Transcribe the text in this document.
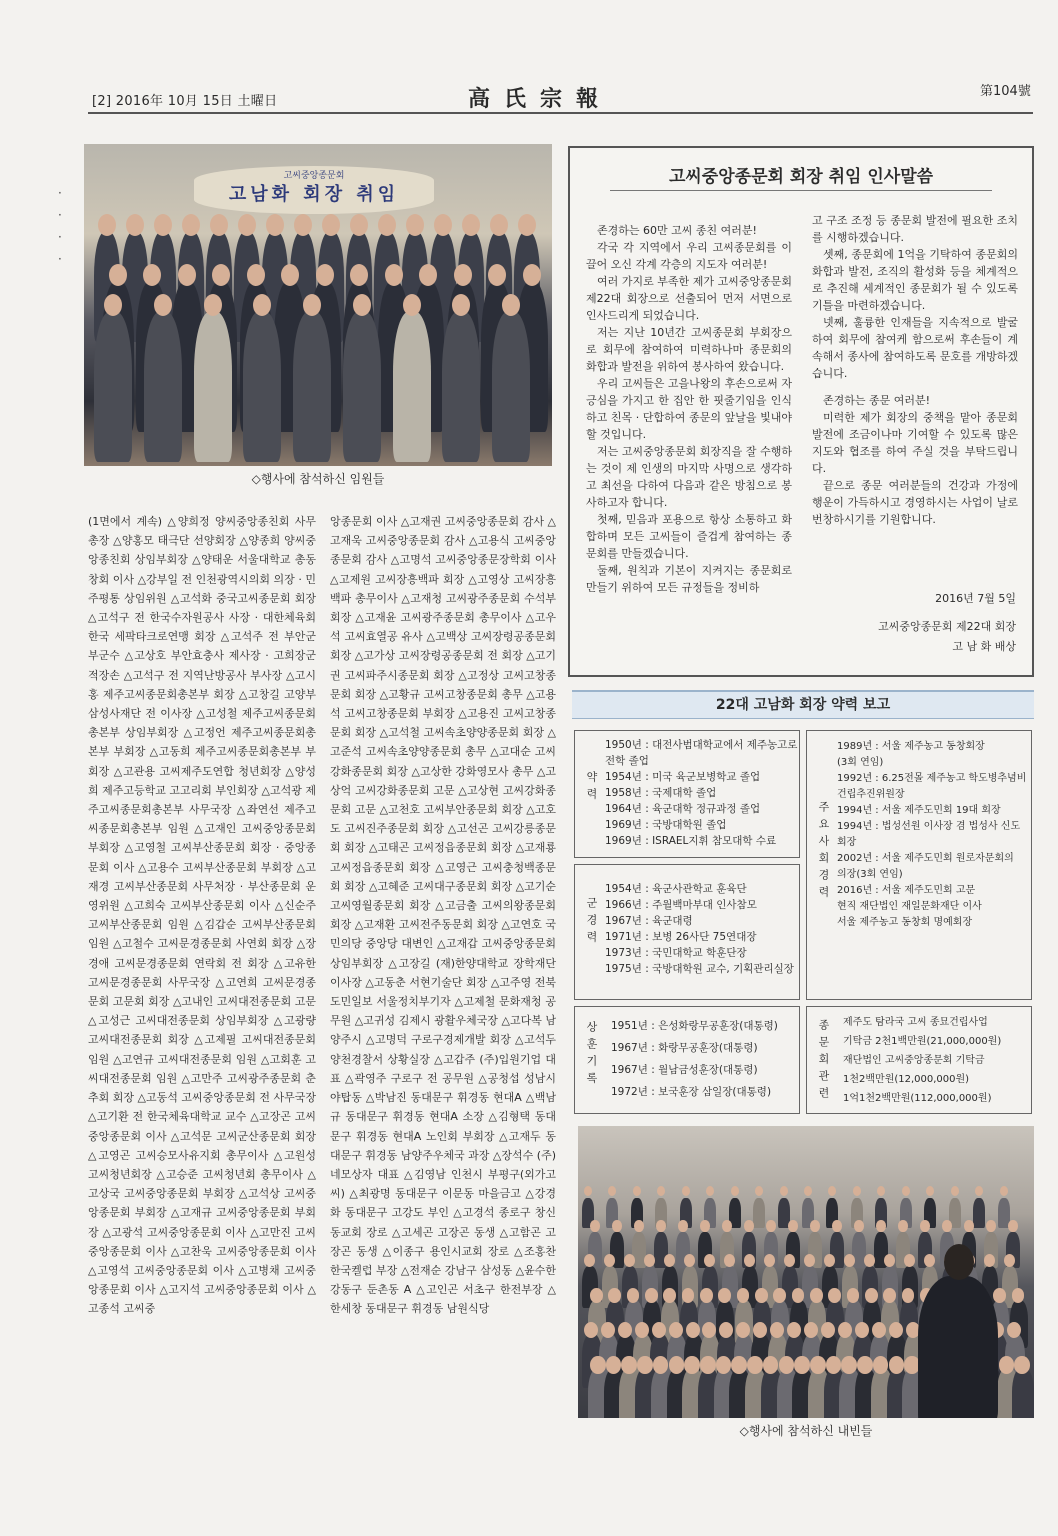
[2] 2016年 10月 15日 土曜日	高氏宗報	第104號
·
·
·
·
고씨중앙종문회
고남화 회장 취임
◇행사에 참석하신 임원들
고씨중앙종문회 회장 취임 인사말씀

존경하는 60만 고씨 종친 여러분!

각국 각 지역에서 우리 고씨종문회를 이끌어 오신 각계 각층의 지도자 여러분!

여러 가지로 부족한 제가 고씨중앙종문회 제22대 회장으로 선출되어 먼저 서면으로 인사드리게 되었습니다.

저는 지난 10년간 고씨종문회 부회장으로 회무에 참여하여 미력하나마 종문회의 화합과 발전을 위하여 봉사하여 왔습니다.

우리 고씨들은 고을나왕의 후손으로써 자긍심을 가지고 한 집안 한 핏줄기임을 인식하고 친목 · 단합하여 종문의 앞날을 빛내야 할 것입니다.

저는 고씨중앙종문회 회장직을 잘 수행하는 것이 제 인생의 마지막 사명으로 생각하고 최선을 다하여 다음과 같은 방침으로 봉사하고자 합니다.

첫째, 믿음과 포용으로 항상 소통하고 화합하며 모든 고씨들이 즐겁게 참여하는 종문회를 만들겠습니다.

둘째, 원칙과 기본이 지켜지는 종문회로 만들기 위하여 모든 규정들을 정비하

고 구조 조정 등 종문회 발전에 필요한 조치를 시행하겠습니다.

셋째, 종문회에 1억을 기탁하여 종문회의 화합과 발전, 조직의 활성화 등을 체계적으로 추진해 세계적인 종문회가 될 수 있도록 기틀을 마련하겠습니다.

넷째, 훌륭한 인재들을 지속적으로 발굴하여 회무에 참여케 함으로써 후손들이 계속해서 종사에 참여하도록 문호를 개방하겠습니다.

존경하는 종문 여러분!

미력한 제가 회장의 중책을 맡아 종문회 발전에 조금이나마 기여할 수 있도록 많은 지도와 협조를 하여 주실 것을 부탁드립니다.

끝으로 종문 여러분들의 건강과 가정에 행운이 가득하시고 경영하시는 사업이 날로 번창하시기를 기원합니다.

2016년 7월 5일
고씨중앙종문회 제22대 회장
고 남 화 배상
22대 고남화 회장 약력 보고
약력
1950년 : 대전사범대학교에서 제주농고로
전학 졸업
1954년 : 미국 육군보병학교 졸업
1958년 : 국제대학 졸업
1964년 : 육군대학 정규과정 졸업
1969년 : 국방대학원 졸업
1969년 : ISRAEL지휘 참모대학 수료
군경력
1954년 : 육군사관학교 훈육단
1966년 : 주월백마부대 인사참모
1967년 : 육군대령
1971년 : 보병 26사단 75연대장
1973년 : 국민대학교 학훈단장
1975년 : 국방대학원 교수, 기획관리실장
상훈기록 1951년 : 은성화랑무공훈장(대통령)
1967년 : 화랑무공훈장(대통령)
1967년 : 월남금성훈장(대통령)
1972년 : 보국훈장 삼일장(대통령)
주요사회경력
1989년 : 서울 제주농고 동창회장
(3회 연임)
1992년 : 6.25전몰 제주농고 학도병추념비
건립추진위원장
1994년 : 서울 제주도민회 19대 회장
1994년 : 법성선원 이사장 겸 법성사 신도
회장
2002년 : 서울 제주도민회 원로자문회의
의장(3회 연임)
2016년 : 서울 제주도민회 고문
현직 재단법인 재일문화재단 이사
서울 제주농고 동창회 명예회장
종문회관련 제주도 탐라국 고씨 종묘건립사업
기탁금 2천1백만원(21,000,000원)
재단법인 고씨중앙종문회 기탁금
1천2백만원(12,000,000원)
1억1천2백만원(112,000,000원)
◇행사에 참석하신 내빈들
(1면에서 계속) △양희정 양씨중앙종친회 사무총장 △양홍모 태극단 선양회장 △양종희 양씨중앙종친회 상임부회장 △양태운 서울대학교 총동창회 이사 △강부일 전 인천광역시의회 의장 · 민주평통 상임위원 △고석화 중국고씨종문회 회장 △고석구 전 한국수자원공사 사장 · 대한체육회 한국 세팍타크로연맹 회장 △고석주 전 부안군 부군수 △고상호 부안효충사 제사장 · 고희장군 적장손 △고석구 전 지역난방공사 부사장 △고시홍 제주고씨종문회총본부 회장 △고창길 고양부삼성사재단 전 이사장 △고성철 제주고씨종문회총본부 상임부회장 △고정언 제주고씨종문회총본부 부회장 △고동희 제주고씨종문회총본부 부회장 △고관용 고씨제주도연합 청년회장 △양성희 제주고등학교 고고리회 부인회장 △고석광 제주고씨종문회총본부 사무국장 △좌연선 제주고씨종문회총본부 임원 △고재인 고씨중앙종문회 부회장 △고영철 고씨부산종문회 회장 · 중앙종문회 이사 △고용수 고씨부산종문회 부회장 △고재경 고씨부산종문회 사무처장 · 부산종문회 운영위원 △고희숙 고씨부산종문회 이사 △신순주 고씨부산종문회 임원 △김갑순 고씨부산종문회 임원 △고철수 고씨문경종문회 사연회 회장 △장경애 고씨문경종문회 연락회 전 회장 △고유한 고씨문경종문회 사무국장 △고연희 고씨문경종문회 고문회 회장 △고내인 고씨대전종문회 고문 △고성근 고씨대전종문회 상임부회장 △고광량 고씨대전종문회 회장 △고제필 고씨대전종문회 임원 △고연규 고씨대전종문회 임원 △고회훈 고씨대전종문회 임원 △고만주 고씨광주종문회 춘추회 회장 △고동석 고씨중앙종문회 전 사무국장 △고기환 전 한국체육대학교 교수 △고장곤 고씨중앙종문회 이사 △고석문 고씨군산종문회 회장 △고영곤 고씨승모사유지회 총무이사 △고원성 고씨청년회장 △고승준 고씨청년회 총무이사 △고상국 고씨중앙종문회 부회장 △고석상 고씨중앙종문회 부회장 △고재규 고씨중앙종문회 부회장 △고광석 고씨중앙종문회 이사 △고만진 고씨중앙종문회 이사 △고찬욱 고씨중앙종문회 이사 △고영석 고씨중앙종문회 이사 △고병채 고씨중앙종문회 이사 △고지석 고씨중앙종문회 이사 △고종석 고씨중
앙종문회 이사 △고재권 고씨중앙종문회 감사 △고재욱 고씨중앙종문회 감사 △고용식 고씨중앙종문회 감사 △고명석 고씨중앙종문장학회 이사 △고제원 고씨장흥백파 회장 △고영상 고씨장흥백파 총무이사 △고재청 고씨광주종문회 수석부회장 △고재윤 고씨광주종문회 총무이사 △고우석 고씨효열공 유사 △고백상 고씨장령공종문회 회장 △고가상 고씨장령공종문회 전 회장 △고기권 고씨파주시종문회 회장 △고정상 고씨고창종문회 회장 △고황규 고씨고창종문회 총무 △고용석 고씨고창종문회 부회장 △고용진 고씨고창종문회 회장 △고석철 고씨속초양양종문회 회장 △고준석 고씨속초양양종문회 총무 △고대순 고씨강화종문회 회장 △고상한 강화영모사 총무 △고상억 고씨강화종문회 고문 △고상현 고씨강화종문회 고문 △고천호 고씨부안종문회 회장 △고호도 고씨진주종문회 회장 △고선곤 고씨강릉종문회 회장 △고태곤 고씨정읍종문회 회장 △고재룡 고씨정읍종문회 회장 △고영근 고씨충청백종문회 회장 △고혜준 고씨대구종문회 회장 △고기순 고씨영월종문회 회장 △고금출 고씨의왕종문회 회장 △고재환 고씨전주동문회 회장 △고연호 국민의당 중앙당 대변인 △고재갑 고씨중앙종문회 상임부회장 △고장길 (재)한양대학교 장학재단 이사장 △고동춘 서현기술단 회장 △고주영 전북도민일보 서울정치부기자 △고제철 문화재청 공무원 △고귀성 김제시 광활우체국장 △고다복 남양주시 △고명덕 구로구경제개발 회장 △고석두 양천경찰서 상황실장 △고갑주 (주)입원기업 대표 △곽영주 구로구 전 공무원 △공청섭 성남시 야탑동 △박남진 동대문구 휘경동 현대A △백남규 동대문구 휘경동 현대A 소장 △김형택 동대문구 휘경동 현대A 노인회 부회장 △고재두 동대문구 휘경동 남양주우체국 과장 △장석수 (주)네모상자 대표 △김영남 인천시 부평구(외가고씨) △최광명 동대문구 이문동 마을금고 △강경화 동대문구 고강도 부인 △고경석 종로구 창신동교회 장로 △고세곤 고장곤 동생 △고함곤 고장곤 동생 △이종구 용인시교회 장로 △조홍찬 한국켈럽 부장 △전재순 강남구 삼성동 △윤수한 강동구 둔촌동 A △고인곤 서초구 한전부장 △한세창 동대문구 휘경동 남원식당
